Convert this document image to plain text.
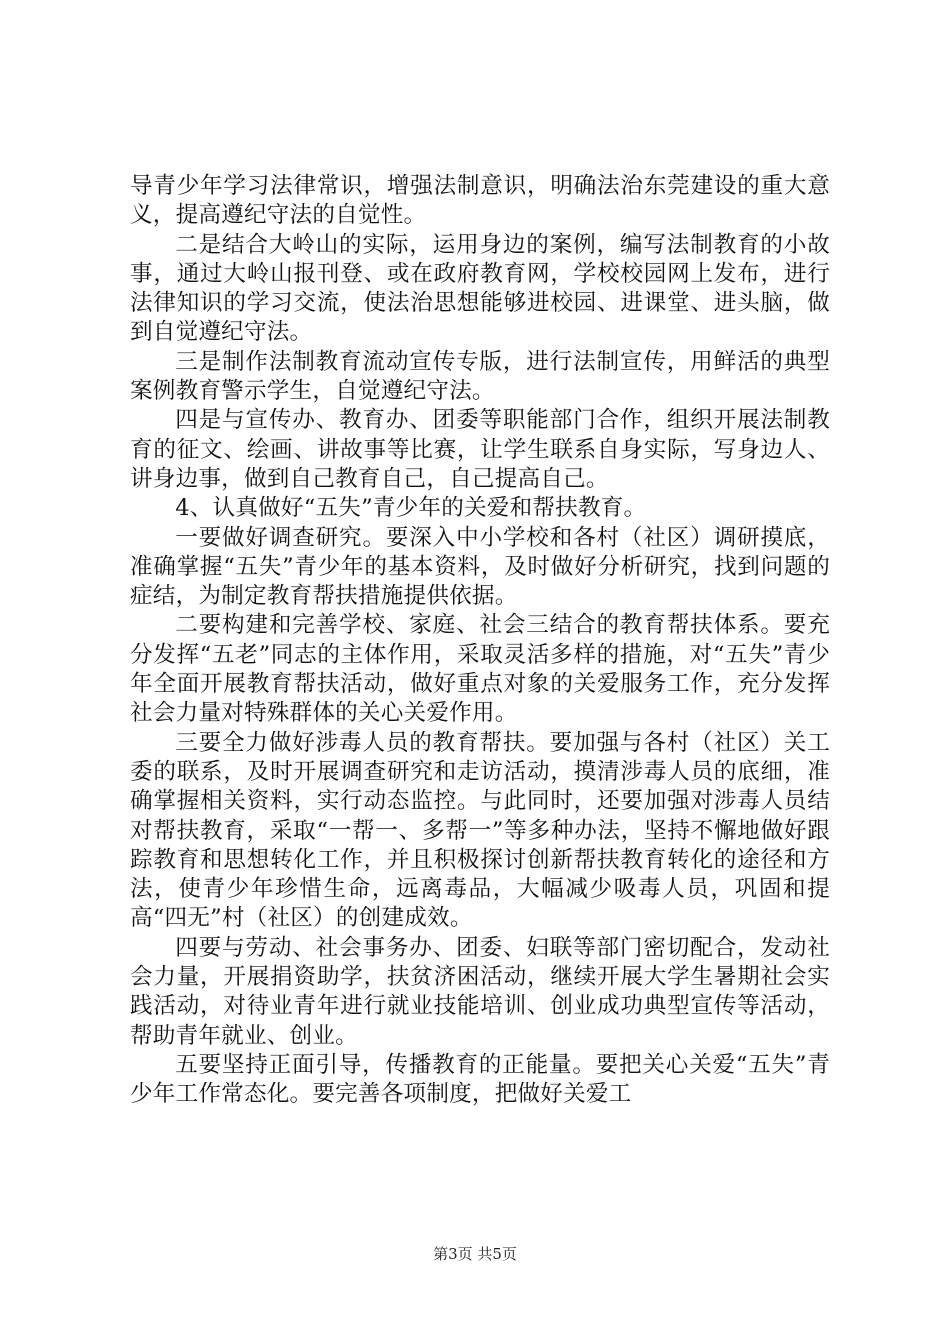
导青少年学习法律常识，增强法制意识，明确法治东莞建设的重大意义，提高遵纪守法的自觉性。

二是结合大岭山的实际，运用身边的案例，编写法制教育的小故事，通过大岭山报刊登、或在政府教育网，学校校园网上发布，进行法律知识的学习交流，使法治思想能够进校园、进课堂、进头脑，做到自觉遵纪守法。

三是制作法制教育流动宣传专版，进行法制宣传，用鲜活的典型案例教育警示学生，自觉遵纪守法。

四是与宣传办、教育办、团委等职能部门合作，组织开展法制教育的征文、绘画、讲故事等比赛，让学生联系自身实际，写身边人、讲身边事，做到自己教育自己，自己提高自己。

4、认真做好“五失”青少年的关爱和帮扶教育。

一要做好调查研究。要深入中小学校和各村（社区）调研摸底，准确掌握“五失”青少年的基本资料，及时做好分析研究，找到问题的症结，为制定教育帮扶措施提供依据。

二要构建和完善学校、家庭、社会三结合的教育帮扶体系。要充分发挥“五老”同志的主体作用，采取灵活多样的措施，对“五失”青少年全面开展教育帮扶活动，做好重点对象的关爱服务工作，充分发挥社会力量对特殊群体的关心关爱作用。

三要全力做好涉毒人员的教育帮扶。要加强与各村（社区）关工委的联系，及时开展调查研究和走访活动，摸清涉毒人员的底细，准确掌握相关资料，实行动态监控。与此同时，还要加强对涉毒人员结对帮扶教育，采取“一帮一、多帮一”等多种办法，坚持不懈地做好跟踪教育和思想转化工作，并且积极探讨创新帮扶教育转化的途径和方法，使青少年珍惜生命，远离毒品，大幅减少吸毒人员，巩固和提高“四无”村（社区）的创建成效。

四要与劳动、社会事务办、团委、妇联等部门密切配合，发动社会力量，开展捐资助学，扶贫济困活动，继续开展大学生暑期社会实践活动，对待业青年进行就业技能培训、创业成功典型宣传等活动，帮助青年就业、创业。

五要坚持正面引导，传播教育的正能量。要把关心关爱“五失”青少年工作常态化。要完善各项制度，把做好关爱工

第3页 共5页
